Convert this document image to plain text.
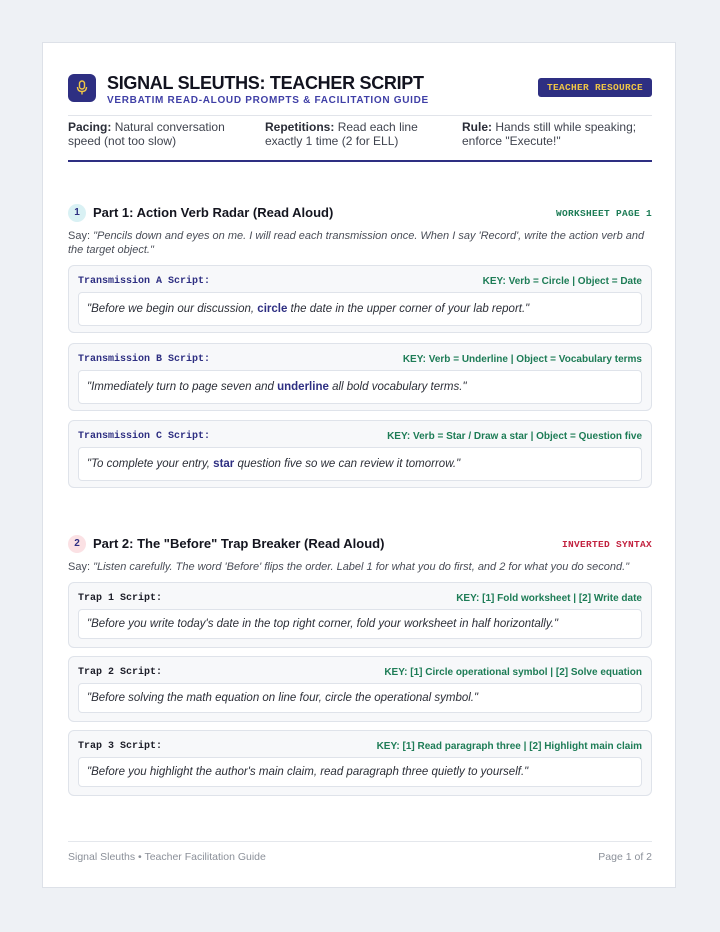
SIGNAL SLEUTHS: TEACHER SCRIPT
VERBATIM READ-ALOUD PROMPTS & FACILITATION GUIDE
TEACHER RESOURCE
Pacing: Natural conversation speed (not too slow)
Repetitions: Read each line exactly 1 time (2 for ELL)
Rule: Hands still while speaking; enforce "Execute!"
1	Part 1: Action Verb Radar (Read Aloud)	WORKSHEET PAGE 1
Say: "Pencils down and eyes on me. I will read each transmission once. When I say 'Record', write the action verb and the target object."
Transmission A Script:	KEY: Verb = Circle | Object = Date
"Before we begin our discussion, circle the date in the upper corner of your lab report."
Transmission B Script:	KEY: Verb = Underline | Object = Vocabulary terms
"Immediately turn to page seven and underline all bold vocabulary terms."
Transmission C Script:	KEY: Verb = Star / Draw a star | Object = Question five
"To complete your entry, star question five so we can review it tomorrow."
2	Part 2: The "Before" Trap Breaker (Read Aloud)	INVERTED SYNTAX
Say: "Listen carefully. The word 'Before' flips the order. Label 1 for what you do first, and 2 for what you do second."
Trap 1 Script:	KEY: [1] Fold worksheet | [2] Write date
"Before you write today's date in the top right corner, fold your worksheet in half horizontally."
Trap 2 Script:	KEY: [1] Circle operational symbol | [2] Solve equation
"Before solving the math equation on line four, circle the operational symbol."
Trap 3 Script:	KEY: [1] Read paragraph three | [2] Highlight main claim
"Before you highlight the author's main claim, read paragraph three quietly to yourself."
Signal Sleuths • Teacher Facilitation Guide	Page 1 of 2
